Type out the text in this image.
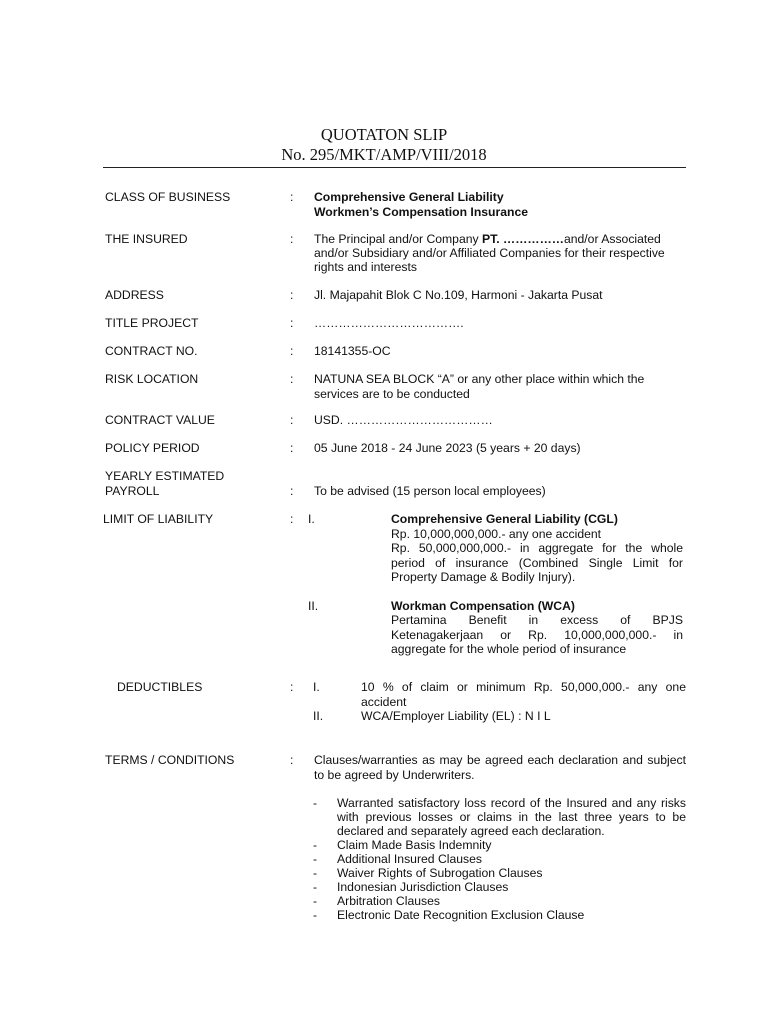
QUOTATON SLIP
No. 295/MKT/AMP/VIII/2018
CLASS OF BUSINESS	: Comprehensive General Liability

Workmen’s Compensation Insurance

THE INSURED	: The Principal and/or Company PT. ……………and/or Associated and/or Subsidiary and/or Affiliated Companies for their respective rights and interests
ADDRESS	: Jl. Majapahit Blok C No.109, Harmoni - Jakarta Pusat
TITLE PROJECT	: ……………………………….
CONTRACT NO.	: 18141355-OC
RISK LOCATION	: NATUNA SEA BLOCK “A” or any other place within which the

services are to be conducted

CONTRACT VALUE	: USD. ………………………………
POLICY PERIOD	: 05 June 2018 - 24 June 2023 (5 years + 20 days)

YEARLY ESTIMATED

PAYROLL	: To be advised (15 person local employees)
LIMIT OF LIABILITY	: I.	Comprehensive General Liability (CGL)

Rp. 10,000,000,000.- any one accident

Rp. 50,000,000,000.- in aggregate for the whole period of insurance (Combined Single Limit for Property Damage & Bodily Injury).

II.	Workman Compensation (WCA)

Pertamina Benefit in excess of BPJS Ketenagakerjaan or Rp. 10,000,000,000.- in aggregate for the whole period of insurance

DEDUCTIBLES	: I.	10 % of claim or minimum Rp. 50,000,000.- any one accident
II.	WCA/Employer Liability (EL) : N I L
TERMS / CONDITIONS	: Clauses/warranties as may be agreed each declaration and subject to be agreed by Underwriters.
- Warranted satisfactory loss record of the Insured and any risks with previous losses or claims in the last three years to be declared and separately agreed each declaration.
- Claim Made Basis Indemnity
- Additional Insured Clauses
- Waiver Rights of Subrogation Clauses
- Indonesian Jurisdiction Clauses
- Arbitration Clauses
- Electronic Date Recognition Exclusion Clause
